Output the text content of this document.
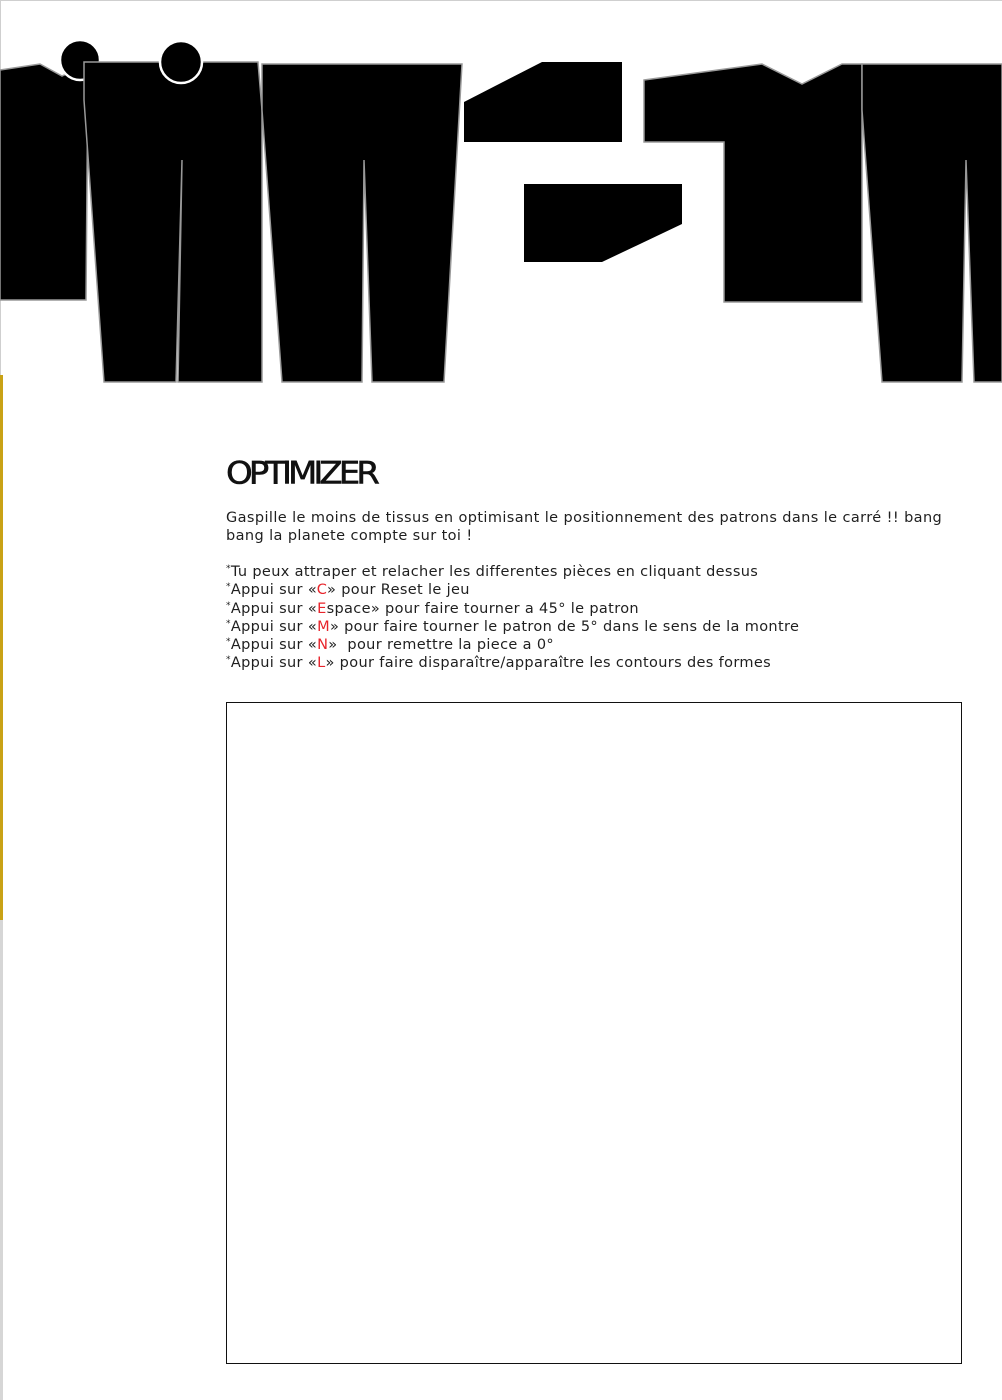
OPTIMIZER

Gaspille le moins de tissus en optimisant le positionnement des patrons dans le carré !! bang bang la planete compte sur toi !

*Tu peux attraper et relacher les differentes pièces en cliquant dessus
*Appui sur «C» pour Reset le jeu
*Appui sur «Espace» pour faire tourner a 45° le patron
*Appui sur «M» pour faire tourner le patron de 5° dans le sens de la montre
*Appui sur «N»  pour remettre la piece a 0°
*Appui sur «L» pour faire disparaître/apparaître les contours des formes
